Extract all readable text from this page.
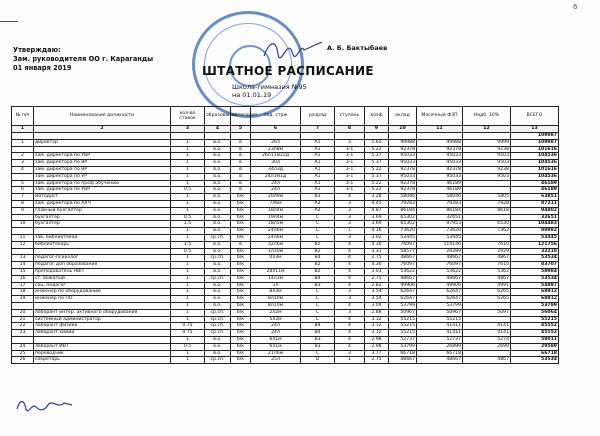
6
Утверждаю:
Зам. руководителя ОО г. Караганды
01 января 2019
А. Б. Бактыбаев
ШТАТНОЕ РАСПИСАНИЕ
Школа-гимназия №95
на 01.01.19
№ п/п	Наименование должности	кол-во ставок	образование	категория	пед. стаж	разряд	ступень	коэф	оклад	Месячный ФЗП	Надб. 10%	ВСЕГО
1	2	3	4	5	6	7	8	9	10	11	12	13
												109987
1	директор	1	в.о.	в	26л	А1	3	5.65	99988	99988	9999	109987
		1	в.о.	в	23л8м	А1	3-1	5.22	92378	92378	9238	101616
2	зам. директора по УВР	1	в.о.	в	26л11м22д	А1	3-1	5.37	95033	95033	9503	104536
3	зам. директора по ВР	1	в.о.	в	30л	А1	3-1	5.37	95033	95033	9503	104536
4	зам. директора по ВР	1	в.о.	в	34л3д	А1	3-1	5.22	92378	92378	9238	101616
	зам. директора по УР	1	в.о.	в	24л1м1д	А1	3-1	5.37	95033	95033	9503	104536
5	зам. директора по проф обучению	1	в.о.	в	24л	А1	3-1	5.22	92378	46189		46189
6	зам. директора по УВР	0.5	в.о.	в	24л	А1	3-1	5.22	92378	46189		46189
7	методист	1	в.о.	б/к	20л9м	В3	4	3.28	58046	58046	5805	63851
8	зам. директора по АХЧ	1	в.о.	б/к	7л6м	А2	3	4.45	79283	79283	7928	87211
9	главный бухгалтер	1	в.о.	б/к	18л4м	А2	3	4.87	86184	86184	8618	94802
	бухгалтер	0.5	в.о.	б/к	19л4м	С	3	3.69	65302	32651		32651
10	бухгалтер	1.5	в.о.	б/к	18л5м	С	3	3.69	65302	97953	6530	104483
		1	в.о.	б/к	24л6м	С	1	4.16	73620	73620	7362	80982
11	зав. библиотекой	1	ср.сп.	б/к	24л6м	С	3	3.02	53445	53445		53445
12	библиотекарь	1.5	в.о.	в	32л6м	В2	4	4.30	76097	114146	7610	121756
		0.5	в.о.	б/к	1л10м	В2	4	3.31	58577	29289	2929	32218
13	педагог-психолог	1	ср.сп.	б/к	0л3м	В4	4	2.75	48667	48667	4867	53534
14	педагог доп образования	1	в.о.	б/к		В2	4	4.30	76097	76097	7610	83707
15	преподаватель НВП	1	в.о.	б/к	28л11м	В2	4	3.03	53622	53622	5362	58984
16	ст. вожатый	1	ср.сп.	б/к	14л3м	В4	4	2.75	48667	48667	4867	53534
17	соц. педагог	1	в.о.	б/к	1л	В3	4	2.82	49906	49906	4991	54897
18	инженер по оборудованию	1	в.о.	б/к	8л3м	С	3	3.54	62647	62647	6265	68912
19	инженер по ПО	1	в.о.	б/к	8л10м	С	3	3.54	62647	62647	6265	68912
		1	в.о.	б/к	8л10м	С	4	3.04	53799	53799		53799
20	лаборант интер. активного оборудования	1	ср.сп.	б/к	2л2м	С	3	2.88	50967	50967	5097	56064
21	системный администратор	1	ср.сп.	б/к	5л2м	С	4	3.12	55215	55215		55215
22	лаборант физики	0.75	ср.сп.	б/к	24л	В4	4	3.12	55215	41411	4141	45552
23	лаборант химии	0.75	ср.сп.	б/к	24л	В4	4	3.12	55215	41411	4141	45552
		1	в.о.	б/к	6л1м	В3	4	2.98	52737	52737	5274	58011
24	лаборант ИВТ	0.5	в.о.	б/к	6л1м	В3	4	2.98	53799	26899	2690	29589
25	переводчик	1	в.о.	б/к	21л6м	С	3	3.77	66718	66718		66718
26	секретарь	1	ср.сп.	б/к	25л	D	1	2.75	48667	48667	4867	53534
